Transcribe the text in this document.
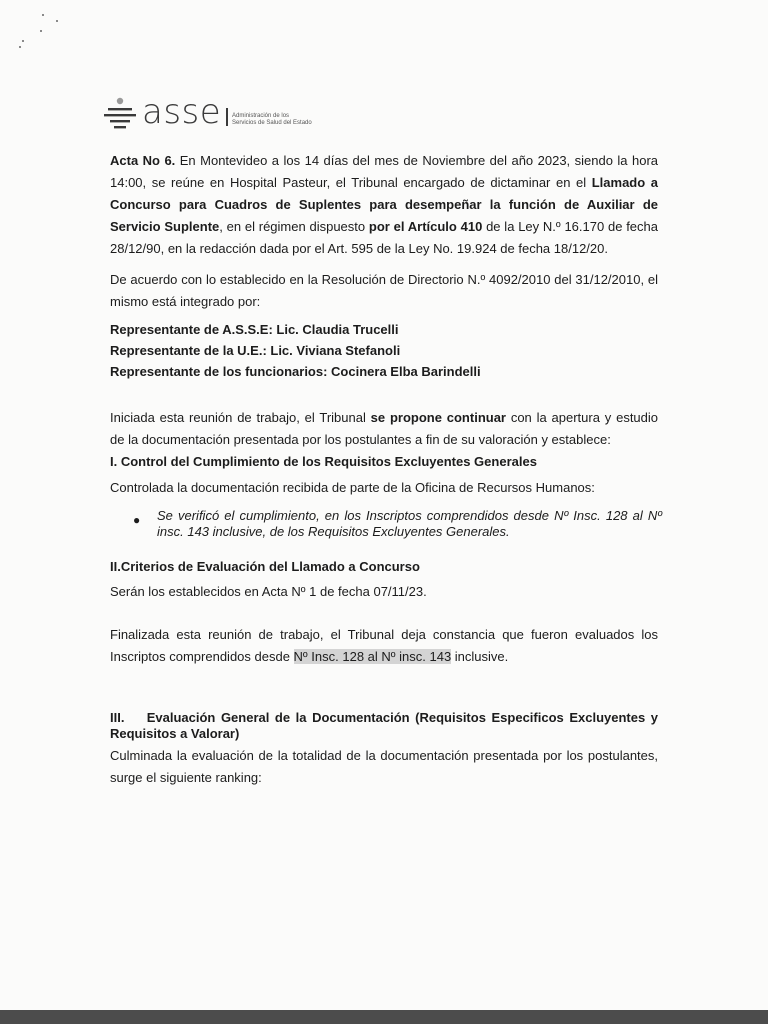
asse Administración de los
Servicios de Salud del Estado
Acta No 6. En Montevideo a los 14 días del mes de Noviembre del año 2023, siendo la hora 14:00, se reúne en Hospital Pasteur, el Tribunal encargado de dictaminar en el Llamado a Concurso para Cuadros de Suplentes para desempeñar la función de Auxiliar de Servicio Suplente, en el régimen dispuesto por el Artículo 410 de la Ley N.º 16.170 de fecha 28/12/90, en la redacción dada por el Art. 595 de la Ley No. 19.924 de fecha 18/12/20.
De acuerdo con lo establecido en la Resolución de Directorio N.º 4092/2010 del 31/12/2010, el mismo está integrado por:
Representante de A.S.S.E: Lic. Claudia Trucelli
Representante de la U.E.: Lic. Viviana Stefanoli
Representante de los funcionarios: Cocinera Elba Barindelli
Iniciada esta reunión de trabajo, el Tribunal se propone continuar con la apertura y estudio de la documentación presentada por los postulantes a fin de su valoración y establece:
I. Control del Cumplimiento de los Requisitos Excluyentes Generales
Controlada la documentación recibida de parte de la Oficina de Recursos Humanos:
● Se verificó el cumplimiento, en los Inscriptos comprendidos desde Nº Insc. 128 al Nº insc. 143 inclusive, de los Requisitos Excluyentes Generales.
II.Criterios de Evaluación del Llamado a Concurso
Serán los establecidos en Acta Nº 1 de fecha 07/11/23.
Finalizada esta reunión de trabajo, el Tribunal deja constancia que fueron evaluados los Inscriptos comprendidos desde Nº Insc. 128 al Nº insc. 143 inclusive.
III. Evaluación General de la Documentación (Requisitos Especificos Excluyentes y Requisitos a Valorar)
Culminada la evaluación de la totalidad de la documentación presentada por los postulantes, surge el siguiente ranking:
